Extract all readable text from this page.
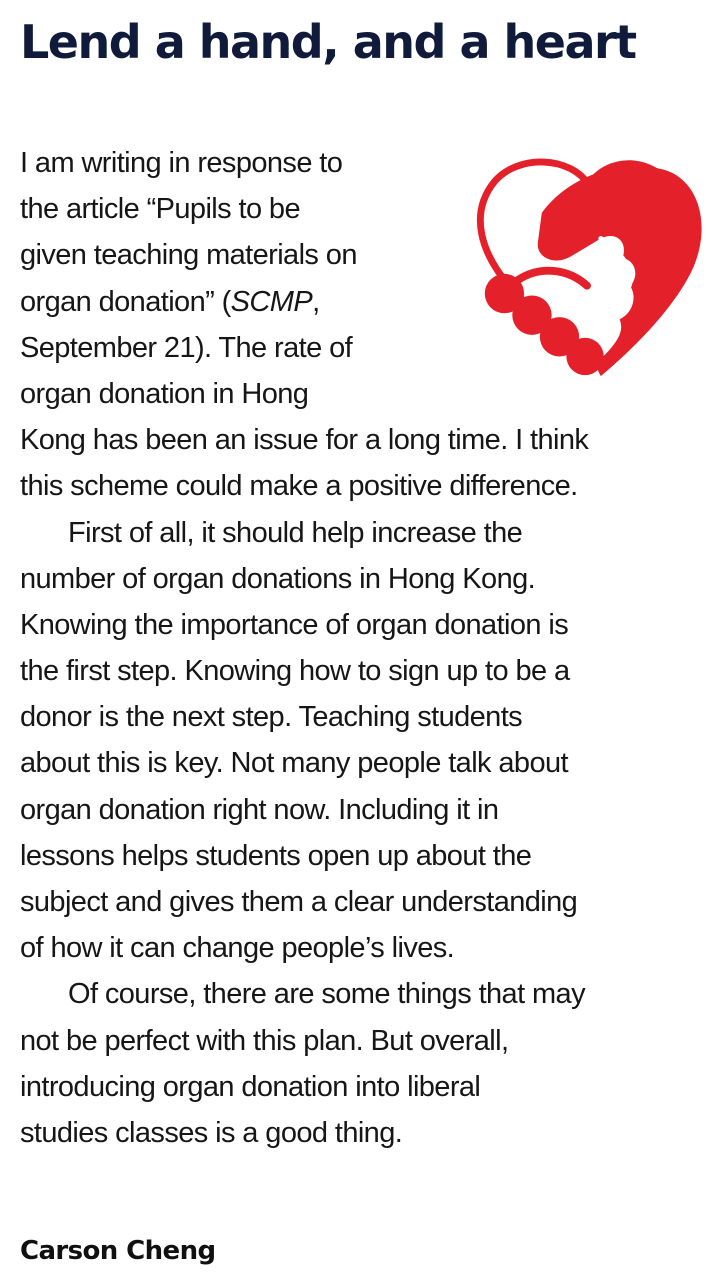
Lend a hand, and a heart
I am writing in response to
the article “Pupils to be
given teaching materials on
organ donation” (SCMP,
September 21). The rate of
organ donation in Hong
Kong has been an issue for a long time. I think
this scheme could make a positive difference.
First of all, it should help increase the
number of organ donations in Hong Kong.
Knowing the importance of organ donation is
the first step. Knowing how to sign up to be a
donor is the next step. Teaching students
about this is key. Not many people talk about
organ donation right now. Including it in
lessons helps students open up about the
subject and gives them a clear understanding
of how it can change people’s lives.
Of course, there are some things that may
not be perfect with this plan. But overall,
introducing organ donation into liberal
studies classes is a good thing.

Carson Cheng
